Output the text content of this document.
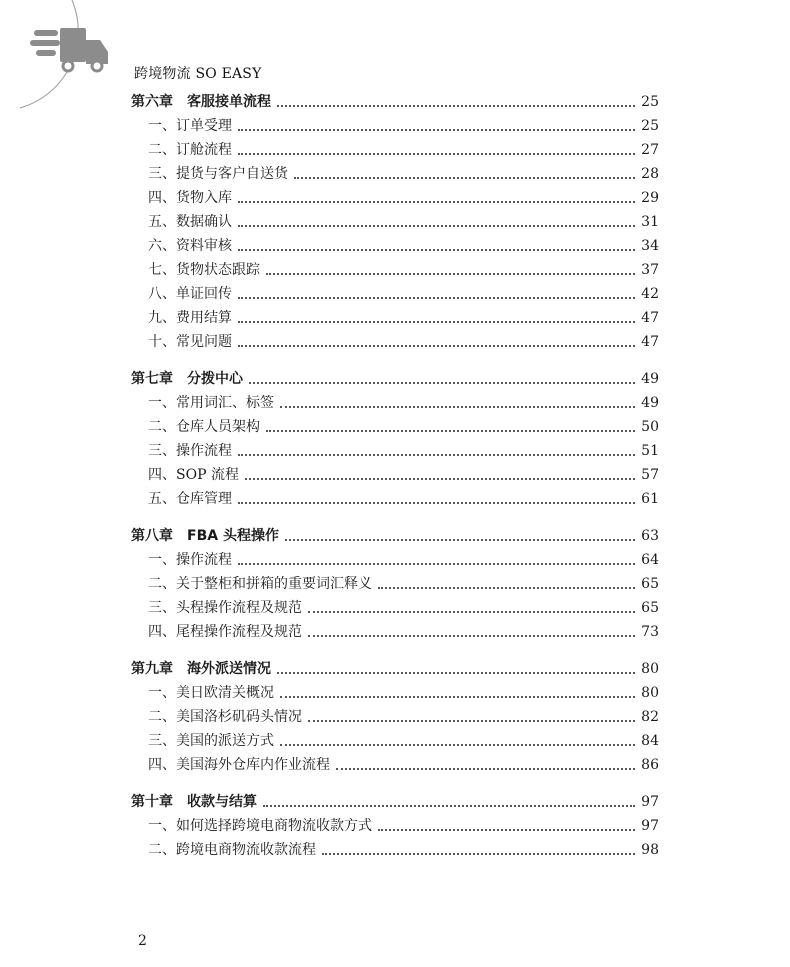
跨境物流 SO EASY
第六章　客服接单流程	25
一、订单受理	25
二、订舱流程	27
三、提货与客户自送货	28
四、货物入库	29
五、数据确认	31
六、资料审核	34
七、货物状态跟踪	37
八、单证回传	42
九、费用结算	47
十、常见问题	47
第七章　分拨中心	49
一、常用词汇、标签	49
二、仓库人员架构	50
三、操作流程	51
四、SOP 流程	57
五、仓库管理	61
第八章　FBA 头程操作	63
一、操作流程	64
二、关于整柜和拼箱的重要词汇释义	65
三、头程操作流程及规范	65
四、尾程操作流程及规范	73
第九章　海外派送情况	80
一、美日欧清关概况	80
二、美国洛杉矶码头情况	82
三、美国的派送方式	84
四、美国海外仓库内作业流程	86
第十章　收款与结算	97
一、如何选择跨境电商物流收款方式	97
二、跨境电商物流收款流程	98
2
